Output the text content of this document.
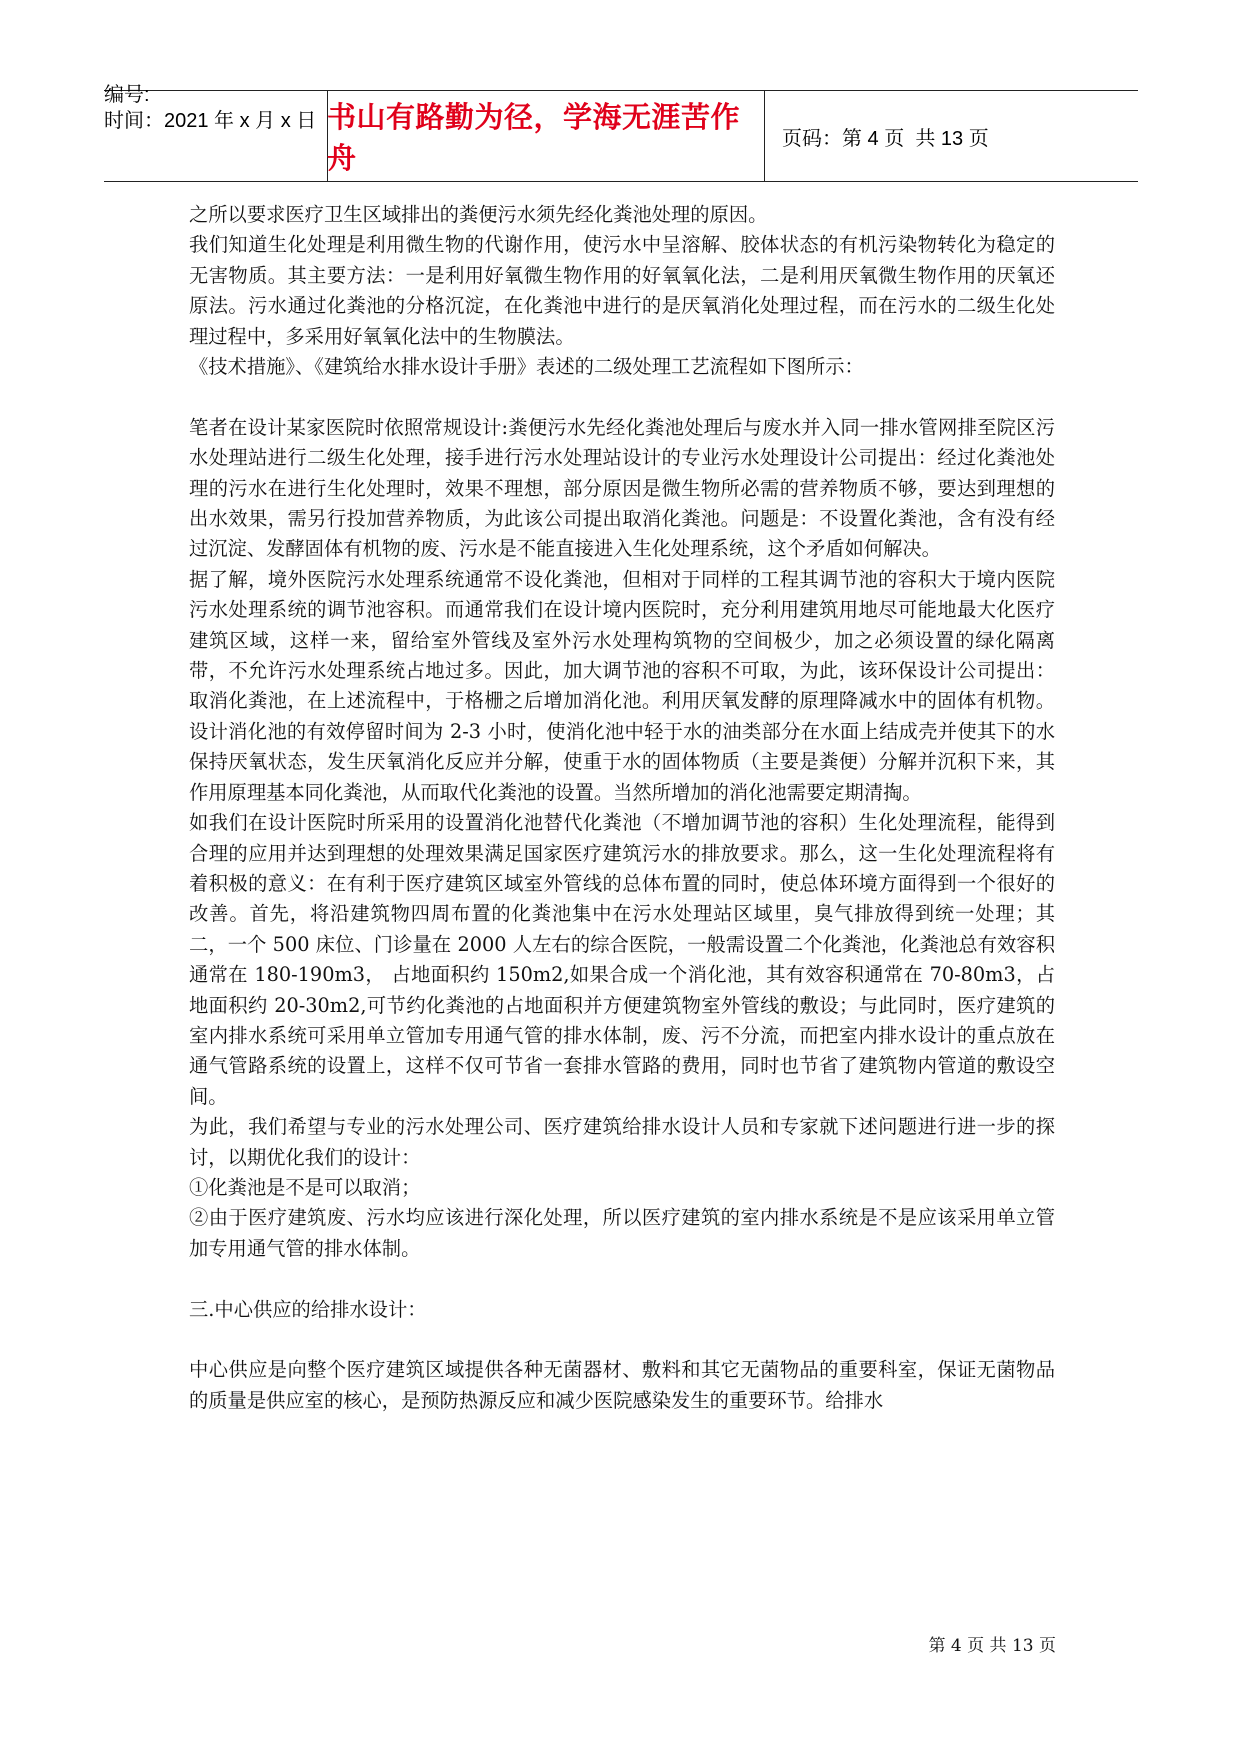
编号:
时间：2021 年 x 月 x 日 书山有路勤为径，学海无涯苦作舟
页码：第 4 页  共 13 页

之所以要求医疗卫生区域排出的粪便污水须先经化粪池处理的原因。

我们知道生化处理是利用微生物的代谢作用，使污水中呈溶解、胶体状态的有机污染物转化为稳定的无害物质。其主要方法：一是利用好氧微生物作用的好氧氧化法，二是利用厌氧微生物作用的厌氧还原法。污水通过化粪池的分格沉淀，在化粪池中进行的是厌氧消化处理过程，而在污水的二级生化处理过程中，多采用好氧氧化法中的生物膜法。

《技术措施》、《建筑给水排水设计手册》表述的二级处理工艺流程如下图所示：

笔者在设计某家医院时依照常规设计:粪便污水先经化粪池处理后与废水并入同一排水管网排至院区污水处理站进行二级生化处理，接手进行污水处理站设计的专业污水处理设计公司提出：经过化粪池处理的污水在进行生化处理时，效果不理想，部分原因是微生物所必需的营养物质不够，要达到理想的出水效果，需另行投加营养物质，为此该公司提出取消化粪池。问题是：不设置化粪池，含有没有经过沉淀、发酵固体有机物的废、污水是不能直接进入生化处理系统，这个矛盾如何解决。

据了解，境外医院污水处理系统通常不设化粪池，但相对于同样的工程其调节池的容积大于境内医院污水处理系统的调节池容积。而通常我们在设计境内医院时，充分利用建筑用地尽可能地最大化医疗建筑区域，这样一来，留给室外管线及室外污水处理构筑物的空间极少，加之必须设置的绿化隔离带，不允许污水处理系统占地过多。因此，加大调节池的容积不可取，为此，该环保设计公司提出：取消化粪池，在上述流程中，于格栅之后增加消化池。利用厌氧发酵的原理降减水中的固体有机物。设计消化池的有效停留时间为 2-3 小时，使消化池中轻于水的油类部分在水面上结成壳并使其下的水保持厌氧状态，发生厌氧消化反应并分解，使重于水的固体物质（主要是粪便）分解并沉积下来，其作用原理基本同化粪池，从而取代化粪池的设置。当然所增加的消化池需要定期清掏。

如我们在设计医院时所采用的设置消化池替代化粪池（不增加调节池的容积）生化处理流程，能得到合理的应用并达到理想的处理效果满足国家医疗建筑污水的排放要求。那么，这一生化处理流程将有着积极的意义：在有利于医疗建筑区域室外管线的总体布置的同时，使总体环境方面得到一个很好的改善。首先，将沿建筑物四周布置的化粪池集中在污水处理站区域里，臭气排放得到统一处理；其二，一个 500 床位、门诊量在 2000 人左右的综合医院，一般需设置二个化粪池，化粪池总有效容积通常在 180-190m3， 占地面积约 150m2,如果合成一个消化池，其有效容积通常在 70-80m3，占地面积约 20-30m2,可节约化粪池的占地面积并方便建筑物室外管线的敷设；与此同时，医疗建筑的室内排水系统可采用单立管加专用通气管的排水体制，废、污不分流，而把室内排水设计的重点放在通气管路系统的设置上，这样不仅可节省一套排水管路的费用，同时也节省了建筑物内管道的敷设空间。

为此，我们希望与专业的污水处理公司、医疗建筑给排水设计人员和专家就下述问题进行进一步的探讨，以期优化我们的设计：

①化粪池是不是可以取消；

②由于医疗建筑废、污水均应该进行深化处理，所以医疗建筑的室内排水系统是不是应该采用单立管加专用通气管的排水体制。

三.中心供应的给排水设计：

中心供应是向整个医疗建筑区域提供各种无菌器材、敷料和其它无菌物品的重要科室，保证无菌物品的质量是供应室的核心，是预防热源反应和减少医院感染发生的重要环节。给排水

第 4 页 共 13 页
